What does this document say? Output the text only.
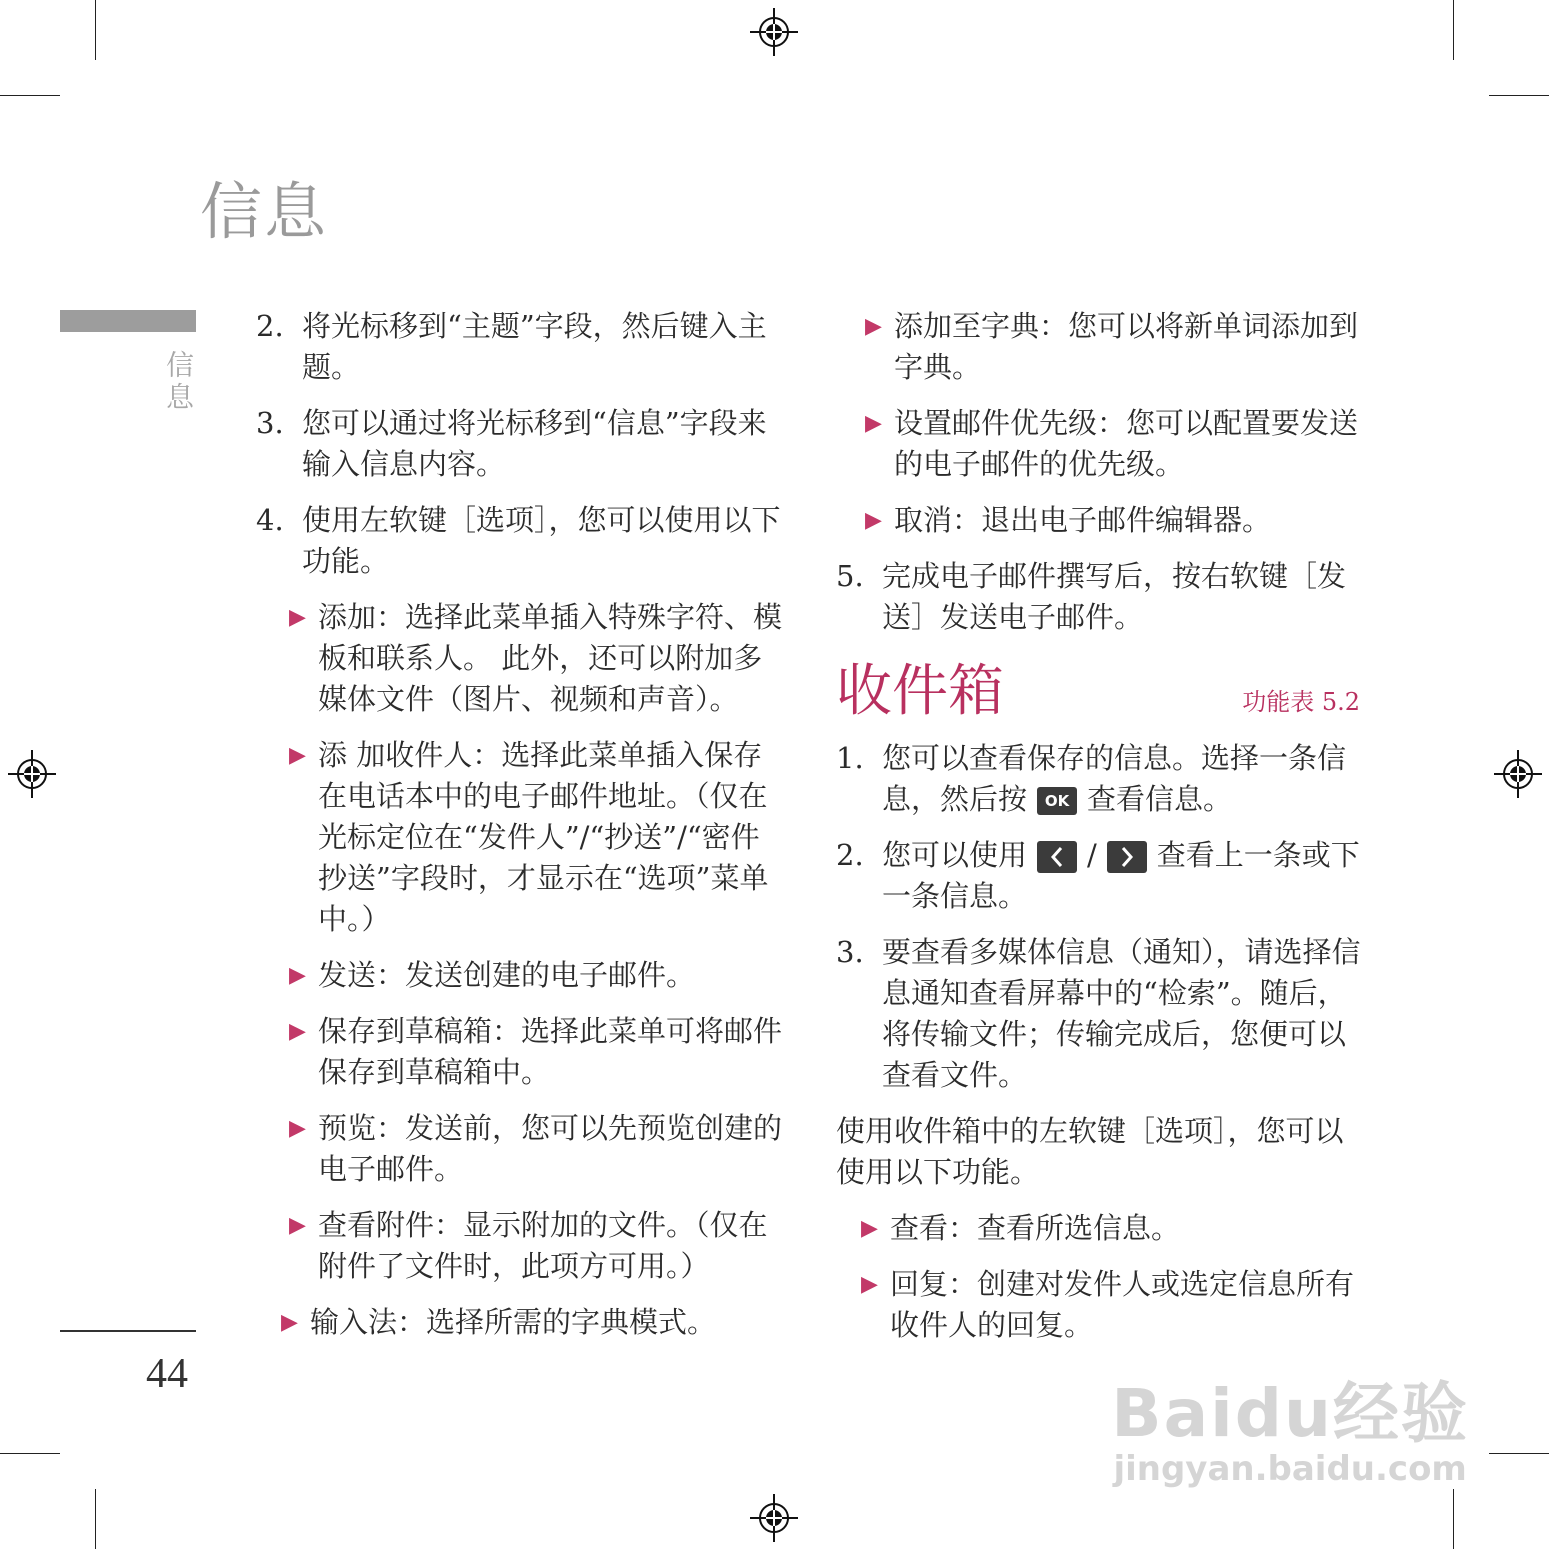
信息
信息
44
2. 将光标移到“主题”字段，然后键入主题。
3. 您可以通过将光标移到“信息”字段来输入信息内容。
4. 使用左软键［选项］，您可以使用以下功能。
▶ 添加：选择此菜单插入特殊字符、模板和联系人。 此外，还可以附加多媒体文件（图片、视频和声音）。
▶ 添 加收件人：选择此菜单插入保存在电话本中的电子邮件地址。（仅在光标定位在“发件人”/“抄送”/“密件抄送”字段时，才显示在“选项”菜单中。）
▶ 发送：发送创建的电子邮件。
▶ 保存到草稿箱：选择此菜单可将邮件保存到草稿箱中。
▶ 预览：发送前，您可以先预览创建的电子邮件。
▶ 查看附件：显示附加的文件。（仅在附件了文件时，此项方可用。）
▶ 输入法：选择所需的字典模式。
▶ 添加至字典：您可以将新单词添加到字典。
▶ 设置邮件优先级：您可以配置要发送的电子邮件的优先级。
▶ 取消：退出电子邮件编辑器。
5. 完成电子邮件撰写后，按右软键［发送］发送电子邮件。
收件箱	功能表 5.2
1. 您可以查看保存的信息。选择一条信息，然后按 OK 查看信息。
2. 您可以使用 / 查看上一条或下一条信息。
3. 要查看多媒体信息（通知），请选择信息通知查看屏幕中的“检索”。随后，将传输文件；传输完成后，您便可以查看文件。
使用收件箱中的左软键［选项］，您可以使用以下功能。
▶ 查看：查看所选信息。
▶ 回复：创建对发件人或选定信息所有收件人的回复。
Baidu经验
jingyan.baidu.com
